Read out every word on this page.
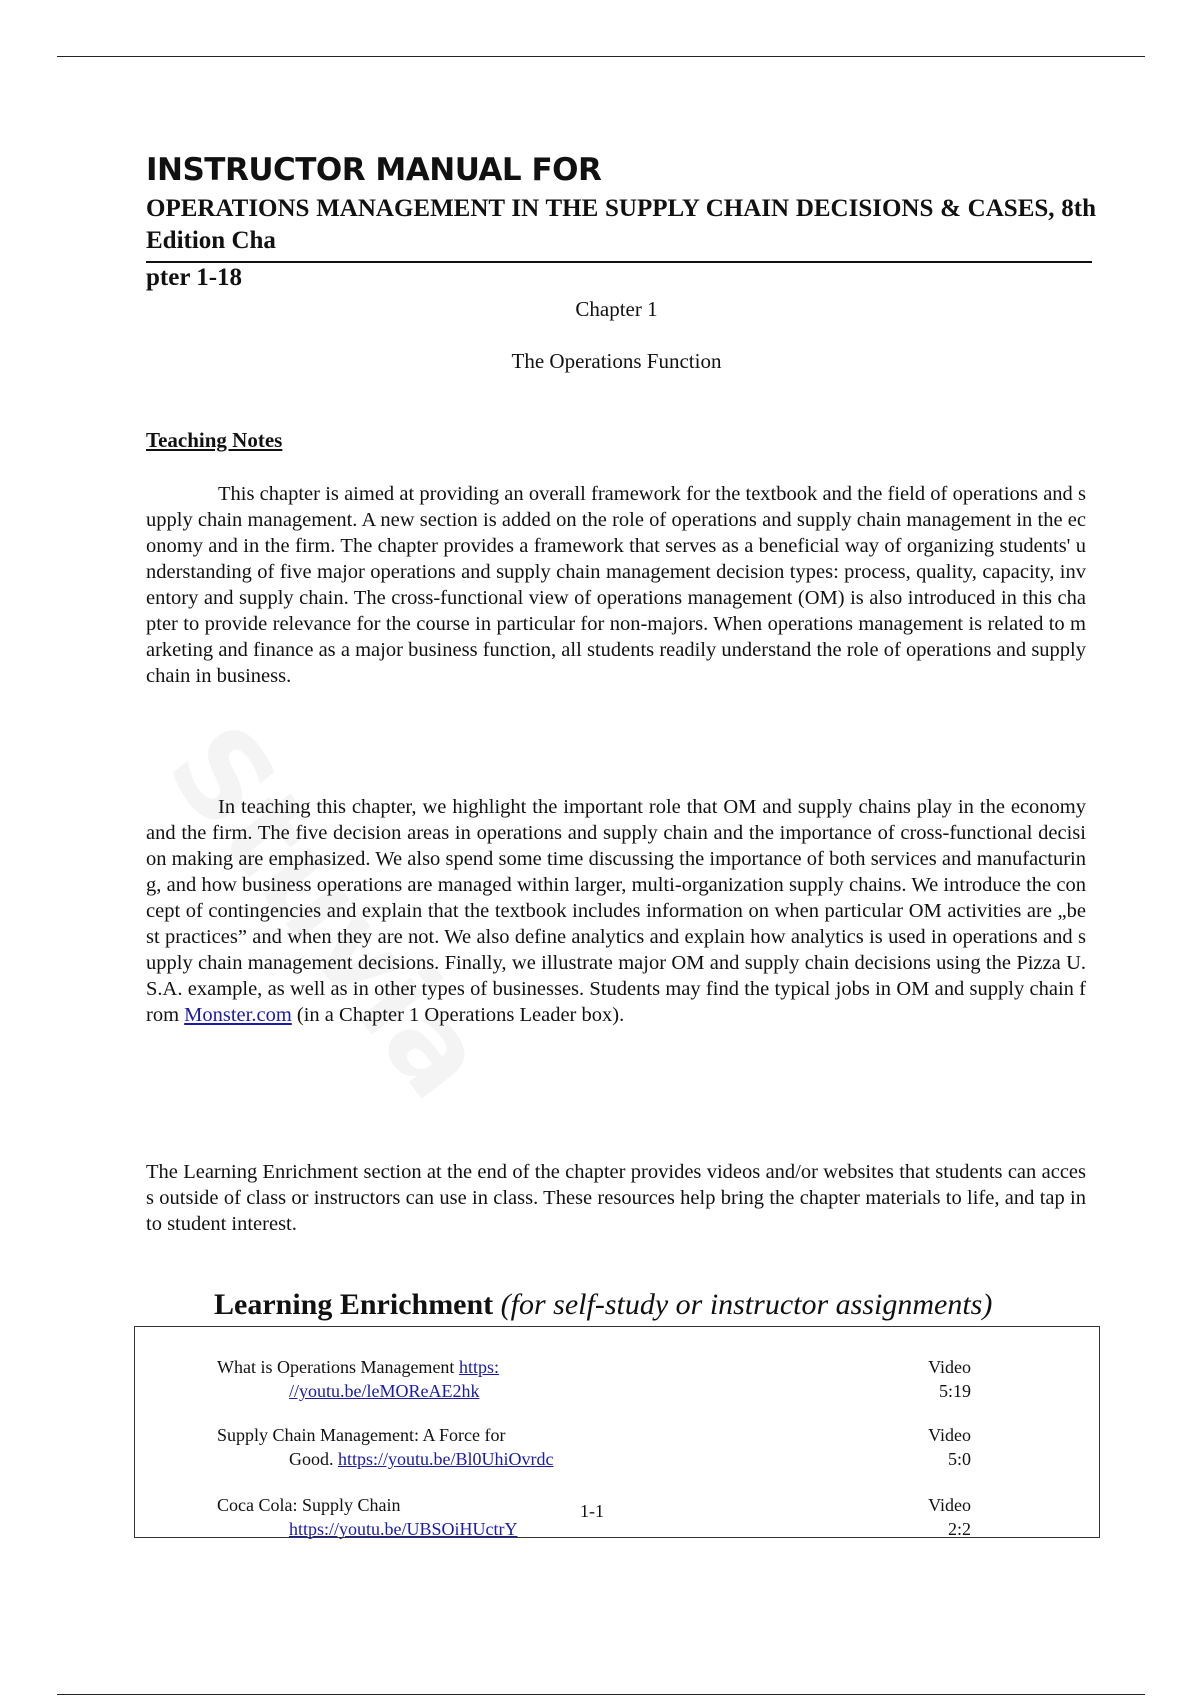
INSTRUCTOR MANUAL FOR

OPERATIONS MANAGEMENT IN THE SUPPLY CHAIN DECISIONS & CASES, 8th Edition Cha

pter 1-18

Chapter 1

The Operations Function

Teaching Notes

This chapter is aimed at providing an overall framework for the textbook and the field of operations and supply chain management. A new section is added on the role of operations and supply chain management in the economy and in the firm. The chapter provides a framework that serves as a beneficial way of organizing students' understanding of five major operations and supply chain management decision types: process, quality, capacity, inventory and supply chain. The cross-functional view of operations management (OM) is also introduced in this chapter to provide relevance for the course in particular for non-majors. When operations management is related to marketing and finance as a major business function, all students readily understand the role of operations and supply chain in business.

In teaching this chapter, we highlight the important role that OM and supply chains play in the economy and the firm. The five decision areas in operations and supply chain and the importance of cross-functional decision making are emphasized. We also spend some time discussing the importance of both services and manufacturing, and how business operations are managed within larger, multi-organization supply chains. We introduce the concept of contingencies and explain that the textbook includes information on when particular OM activities are „best practices” and when they are not. We also define analytics and explain how analytics is used in operations and supply chain management decisions. Finally, we illustrate major OM and supply chain decisions using the Pizza U.S.A. example, as well as in other types of businesses. Students may find the typical jobs in OM and supply chain from Monster.com (in a Chapter 1 Operations Leader box).

The Learning Enrichment section at the end of the chapter provides videos and/or websites that students can access outside of class or instructors can use in class. These resources help bring the chapter materials to life, and tap into student interest.

Learning Enrichment (for self-study or instructor assignments)
What is Operations Management https:
//youtu.be/leMOReAE2hk
Video
5:19
Supply Chain Management: A Force for
Good. https://youtu.be/Bl0UhiOvrdc
Video
5:0
Coca Cola: Supply Chain
https://youtu.be/UBSOiHUctrY
Video
2:2

1-1
